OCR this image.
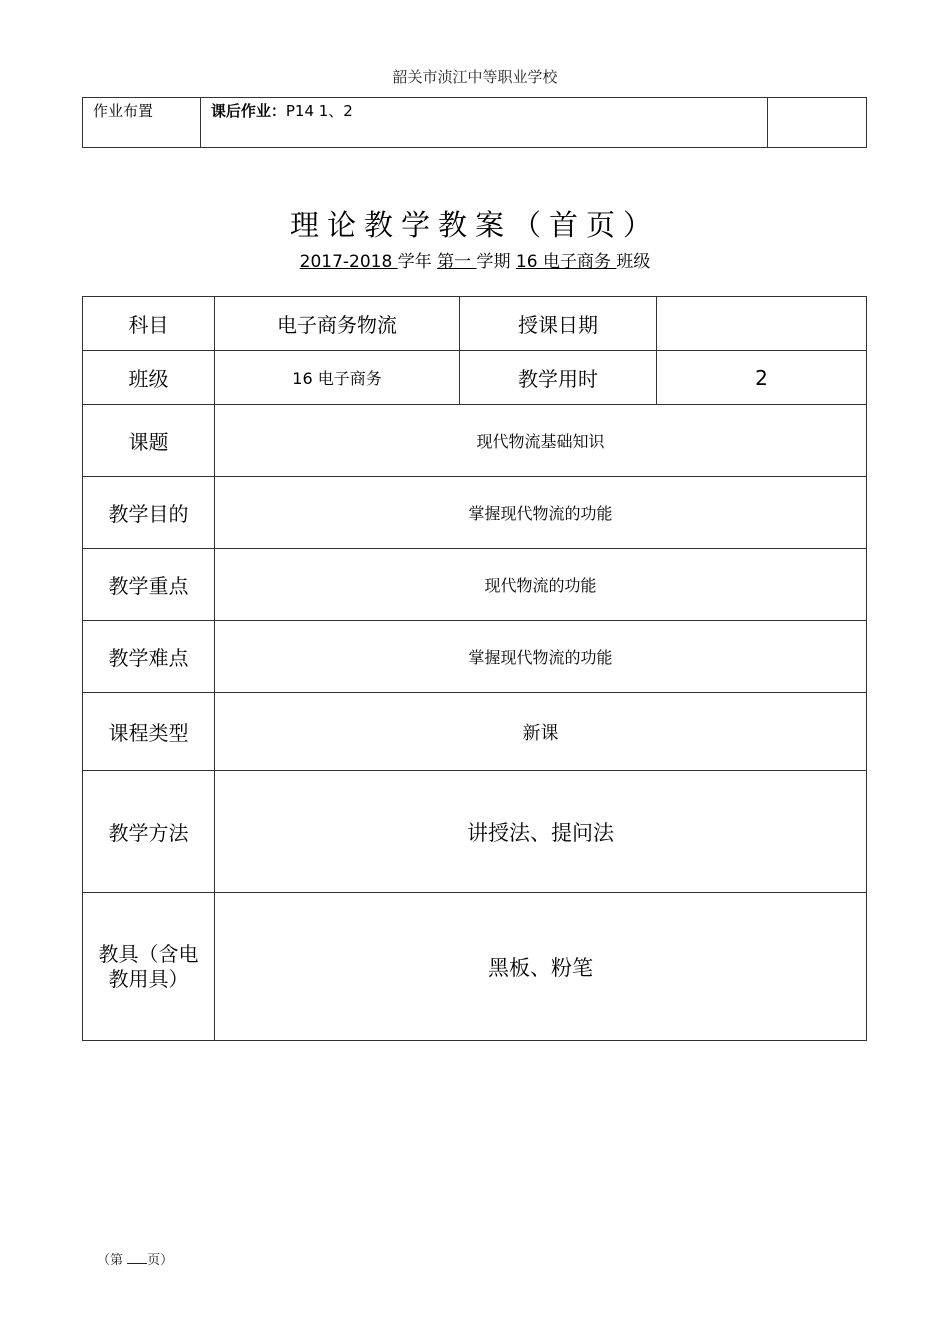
韶关市浈江中等职业学校
作业布置	课后作业：P14 1、2	
理论教学教案（首页）
2017-2018 学年 第一 学期 16 电子商务 班级
科目	电子商务物流	授课日期	
班级	16 电子商务	教学用时	2
课题	现代物流基础知识		
教学目的	掌握现代物流的功能		
教学重点	现代物流的功能		
教学难点	掌握现代物流的功能		
课程类型	新课		
教学方法	讲授法、提问法		

教具（含电
教用具）	黑板、粉笔		
（第 页）
